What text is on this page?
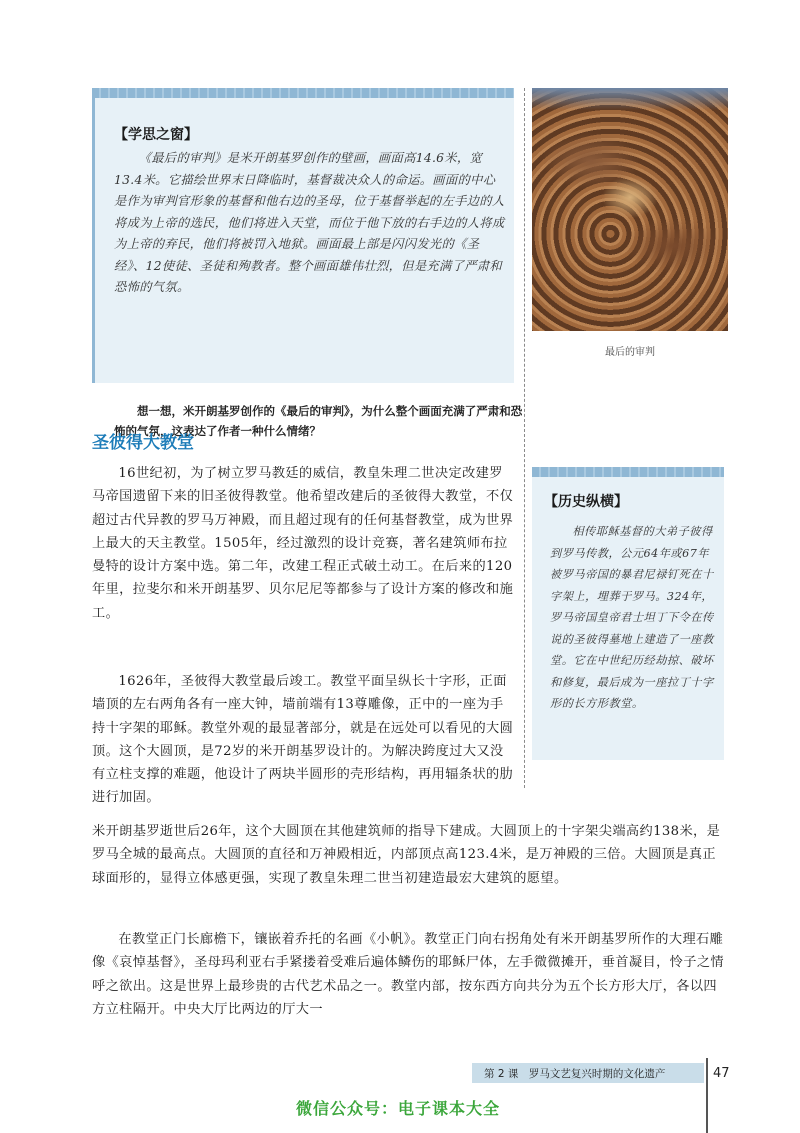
【学思之窗】
《最后的审判》是米开朗基罗创作的壁画，画面高14.6米，宽13.4米。它描绘世界末日降临时，基督裁决众人的命运。画面的中心是作为审判官形象的基督和他右边的圣母，位于基督举起的左手边的人将成为上帝的选民，他们将进入天堂，而位于他下放的右手边的人将成为上帝的弃民，他们将被罚入地狱。画面最上部是闪闪发光的《圣经》、12使徒、圣徒和殉教者。整个画面雄伟壮烈，但是充满了严肃和恐怖的气氛。
想一想，米开朗基罗创作的《最后的审判》，为什么整个画面充满了严肃和恐怖的气氛，这表达了作者一种什么情绪？
最后的审判
圣彼得大教堂
【历史纵横】
相传耶稣基督的大弟子彼得到罗马传教，公元64年或67年被罗马帝国的暴君尼禄钉死在十字架上，埋葬于罗马。324年，罗马帝国皇帝君士坦丁下令在传说的圣彼得墓地上建造了一座教堂。它在中世纪历经劫掠、破坏和修复，最后成为一座拉丁十字形的长方形教堂。
16世纪初，为了树立罗马教廷的威信，教皇朱理二世决定改建罗马帝国遗留下来的旧圣彼得教堂。他希望改建后的圣彼得大教堂，不仅超过古代异教的罗马万神殿，而且超过现有的任何基督教堂，成为世界上最大的天主教堂。1505年，经过激烈的设计竞赛，著名建筑师布拉曼特的设计方案中选。第二年，改建工程正式破土动工。在后来的120年里，拉斐尔和米开朗基罗、贝尔尼尼等都参与了设计方案的修改和施工。
1626年，圣彼得大教堂最后竣工。教堂平面呈纵长十字形，正面墙顶的左右两角各有一座大钟，墙前端有13尊雕像，正中的一座为手持十字架的耶稣。教堂外观的最显著部分，就是在远处可以看见的大圆顶。这个大圆顶，是72岁的米开朗基罗设计的。为解决跨度过大又没有立柱支撑的难题，他设计了两块半圆形的壳形结构，再用辐条状的肋进行加固。
米开朗基罗逝世后26年，这个大圆顶在其他建筑师的指导下建成。大圆顶上的十字架尖端高约138米，是罗马全城的最高点。大圆顶的直径和万神殿相近，内部顶点高123.4米，是万神殿的三倍。大圆顶是真正球面形的，显得立体感更强，实现了教皇朱理二世当初建造最宏大建筑的愿望。
在教堂正门长廊檐下，镶嵌着乔托的名画《小帆》。教堂正门向右拐角处有米开朗基罗所作的大理石雕像《哀悼基督》，圣母玛利亚右手紧搂着受难后遍体鳞伤的耶稣尸体，左手微微摊开，垂首凝目，怜子之情呼之欲出。这是世界上最珍贵的古代艺术品之一。教堂内部，按东西方向共分为五个长方形大厅，各以四方立柱隔开。中央大厅比两边的厅大一
第 2 课　罗马文艺复兴时期的文化遗产	47
微信公众号：电子课本大全
